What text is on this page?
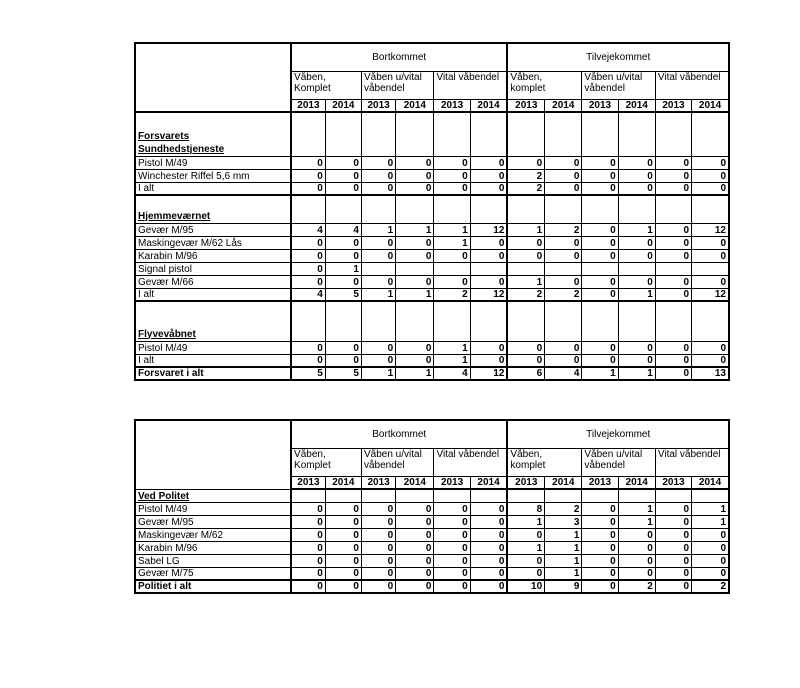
	Bortkommet						Tilvejekommet					
	Våben, Komplet		Våben u/vital våbendel		Vital våbendel		Våben, komplet		Våben u/vital våbendel		Vital våbendel	
	2013	2014	2013	2014	2013	2014	2013	2014	2013	2014	2013	2014

Forsvarets
Sundhedstjeneste												

Pistol M/49	0	0	0	0	0	0	0	0	0	0	0	0
Winchester Riffel 5,6 mm	0	0	0	0	0	0	2	0	0	0	0	0
I alt	0	0	0	0	0	0	2	0	0	0	0	0

Hjemmeværnet												

Gevær M/95	4	4	1	1	1	12	1	2	0	1	0	12
Maskingevær M/62 Lås	0	0	0	0	1	0	0	0	0	0	0	0
Karabin M/96	0	0	0	0	0	0	0	0	0	0	0	0
Signal pistol	0	1										
Gevær M/66	0	0	0	0	0	0	1	0	0	0	0	0
I alt	4	5	1	1	2	12	2	2	0	1	0	12

Flyvevåbnet												

Pistol M/49	0	0	0	0	1	0	0	0	0	0	0	0
I alt	0	0	0	0	1	0	0	0	0	0	0	0
Forsvaret i alt	5	5	1	1	4	12	6	4	1	1	0	13
	Bortkommet						Tilvejekommet					
	Våben, Komplet		Våben u/vital våbendel		Vital våbendel		Våben, komplet		Våben u/vital våbendel		Vital våbendel	
	2013	2014	2013	2014	2013	2014	2013	2014	2013	2014	2013	2014
Ved Politet												
Pistol M/49	0	0	0	0	0	0	8	2	0	1	0	1
Gevær M/95	0	0	0	0	0	0	1	3	0	1	0	1
Maskingevær M/62	0	0	0	0	0	0	0	1	0	0	0	0
Karabin M/96	0	0	0	0	0	0	1	1	0	0	0	0
Sabel LG	0	0	0	0	0	0	0	1	0	0	0	0
Gevær M/75	0	0	0	0	0	0	0	1	0	0	0	0
Politiet i alt	0	0	0	0	0	0	10	9	0	2	0	2
